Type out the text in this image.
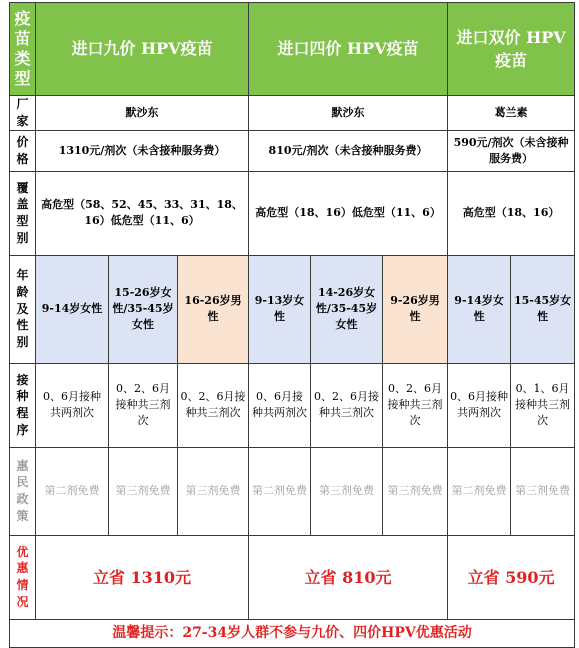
疫苗类型	进口九价 HPV疫苗			进口四价 HPV疫苗			进口双价 HPV疫苗	
厂家	默沙东			默沙东			葛兰素	
价格	1310元/剂次（未含接种服务费）			810元/剂次（未含接种服务费）			590元/剂次（未含接种服务费）	
覆盖型别	高危型（58、52、45、33、31、18、16）低危型（11、6）			高危型（18、16）低危型（11、6）			高危型（18、16）	
年龄及性别	9-14岁女性	15-26岁女性/35-45岁女性	16-26岁男性	9-13岁女性	14-26岁女性/35-45岁女性	9-26岁男性	9-14岁女性	15-45岁女性
接种程序	0、6月接种共两剂次	0、2、6月接种共三剂次	0、2、6月接种共三剂次	0、6月接种共两剂次	0、2、6月接种共三剂次	0、2、6月接种共三剂次	0、6月接种共两剂次	0、1、6月接种共三剂次
惠民政策	第二剂免费	第三剂免费	第三剂免费	第二剂免费	第三剂免费	第三剂免费	第二剂免费	第三剂免费
优惠情况	立省 1310元			立省 810元			立省 590元	
温馨提示：27-34岁人群不参与九价、四价HPV优惠活动								
